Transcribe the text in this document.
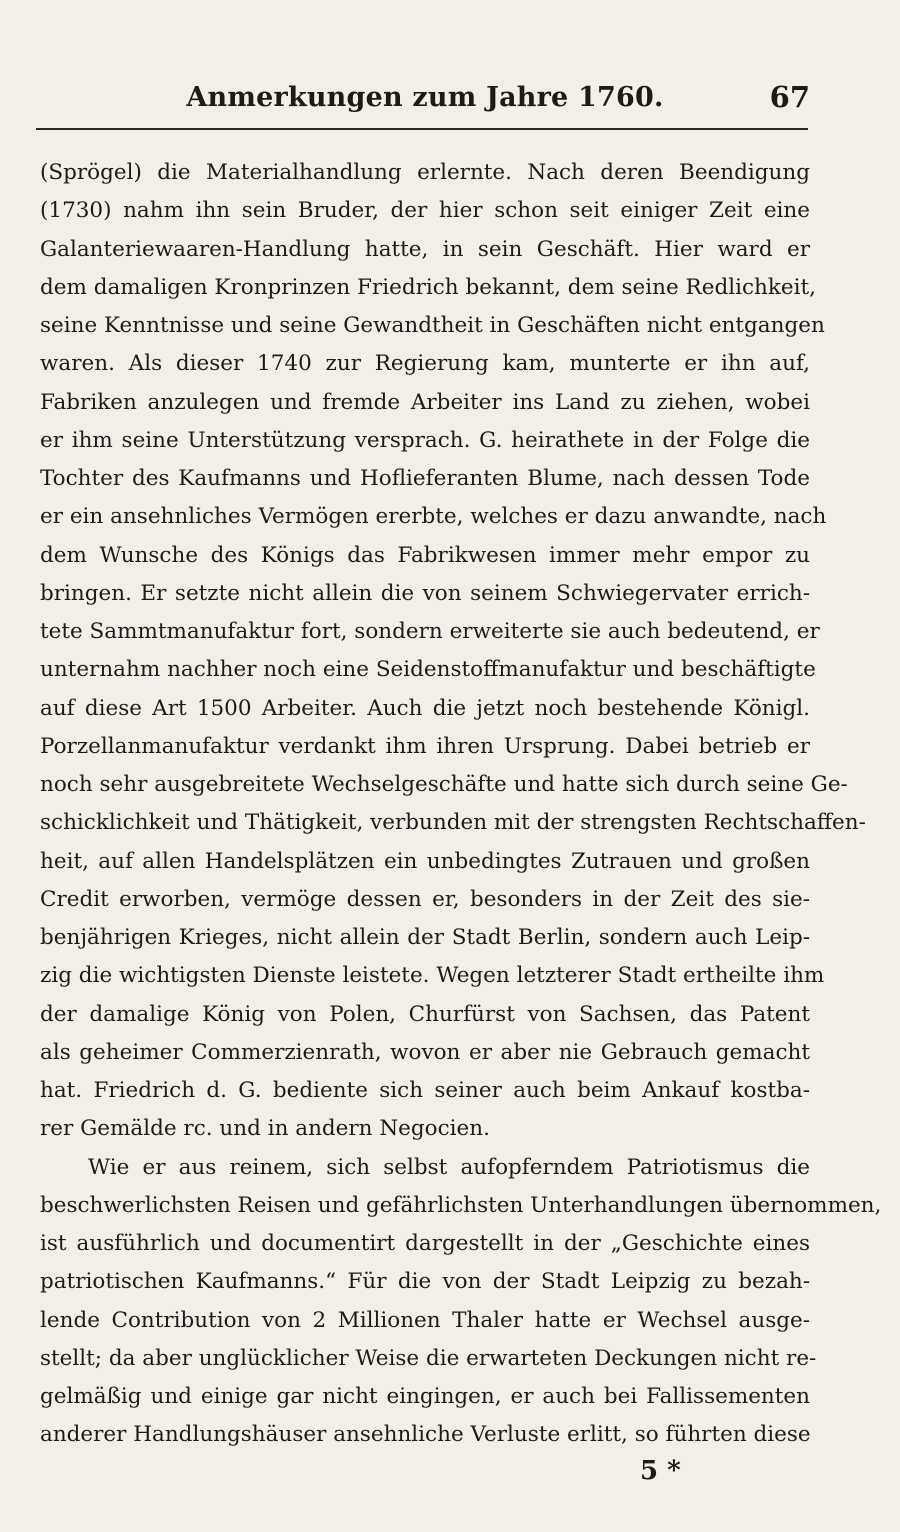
Anmerkungen zum Jahre 1760.	67
(Sprögel) die Materialhandlung erlernte. Nach deren Beendigung
(1730) nahm ihn sein Bruder, der hier schon seit einiger Zeit eine
Galanteriewaaren-Handlung hatte, in sein Geschäft. Hier ward er
dem damaligen Kronprinzen Friedrich bekannt, dem seine Redlichkeit,
seine Kenntnisse und seine Gewandtheit in Geschäften nicht entgangen
waren. Als dieser 1740 zur Regierung kam, munterte er ihn auf,
Fabriken anzulegen und fremde Arbeiter ins Land zu ziehen, wobei
er ihm seine Unterstützung versprach. G. heirathete in der Folge die
Tochter des Kaufmanns und Hoflieferanten Blume, nach dessen Tode
er ein ansehnliches Vermögen ererbte, welches er dazu anwandte, nach
dem Wunsche des Königs das Fabrikwesen immer mehr empor zu
bringen. Er setzte nicht allein die von seinem Schwiegervater errich-
tete Sammtmanufaktur fort, sondern erweiterte sie auch bedeutend, er
unternahm nachher noch eine Seidenstoffmanufaktur und beschäftigte
auf diese Art 1500 Arbeiter. Auch die jetzt noch bestehende Königl.
Porzellanmanufaktur verdankt ihm ihren Ursprung. Dabei betrieb er
noch sehr ausgebreitete Wechselgeschäfte und hatte sich durch seine Ge-
schicklichkeit und Thätigkeit, verbunden mit der strengsten Rechtschaffen-
heit, auf allen Handelsplätzen ein unbedingtes Zutrauen und großen
Credit erworben, vermöge dessen er, besonders in der Zeit des sie-
benjährigen Krieges, nicht allein der Stadt Berlin, sondern auch Leip-
zig die wichtigsten Dienste leistete. Wegen letzterer Stadt ertheilte ihm
der damalige König von Polen, Churfürst von Sachsen, das Patent
als geheimer Commerzienrath, wovon er aber nie Gebrauch gemacht
hat. Friedrich d. G. bediente sich seiner auch beim Ankauf kostba-
rer Gemälde rc. und in andern Negocien.
Wie er aus reinem, sich selbst aufopferndem Patriotismus die
beschwerlichsten Reisen und gefährlichsten Unterhandlungen übernommen,
ist ausführlich und documentirt dargestellt in der „Geschichte eines
patriotischen Kaufmanns.“ Für die von der Stadt Leipzig zu bezah-
lende Contribution von 2 Millionen Thaler hatte er Wechsel ausge-
stellt; da aber unglücklicher Weise die erwarteten Deckungen nicht re-
gelmäßig und einige gar nicht eingingen, er auch bei Fallissementen
anderer Handlungshäuser ansehnliche Verluste erlitt, so führten diese
5 *
